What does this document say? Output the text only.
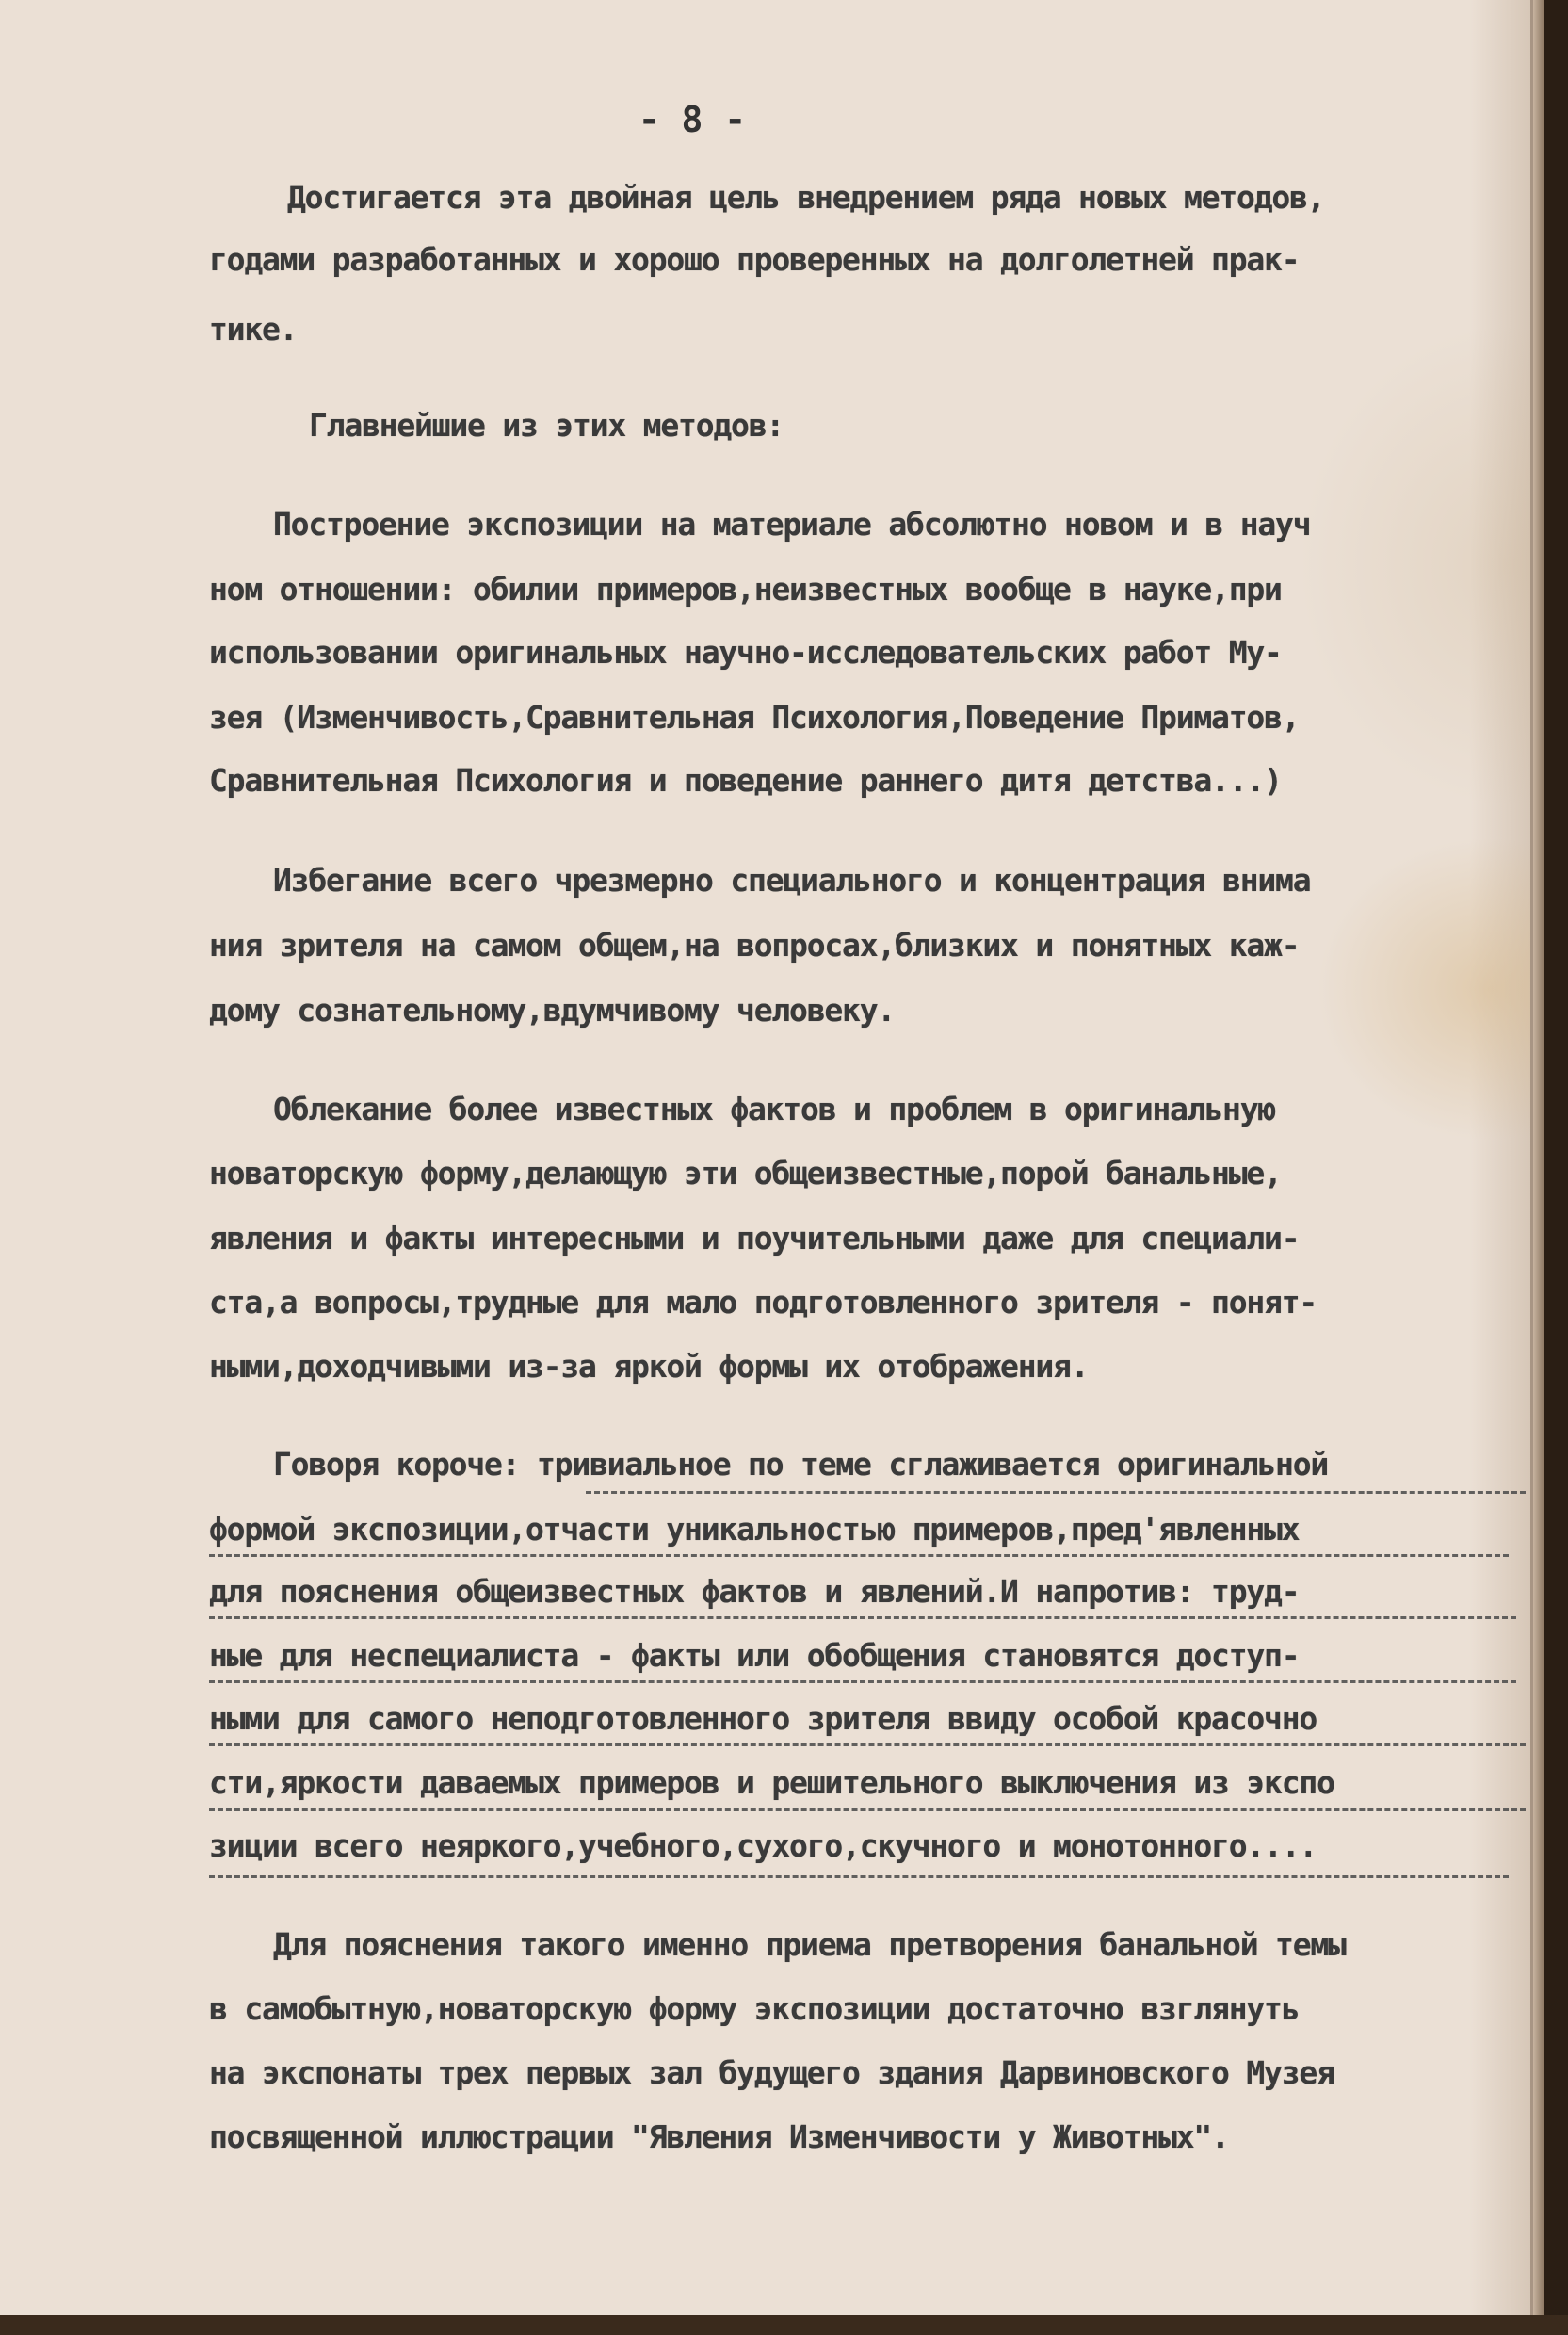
- 8 -
Достигается эта двойная цель внедрением ряда новых методов,
годами разработанных и хорошо проверенных на долголетней прак-
тике.
Главнейшие из этих методов:
Построение экспозиции на материале абсолютно новом и в науч
ном отношении: обилии примеров,неизвестных вообще в науке,при
использовании оригинальных научно-исследовательских работ Му-
зея (Изменчивость,Сравнительная Психология,Поведение Приматов,
Сравнительная Психология и поведение раннего дитя детства...)
Избегание всего чрезмерно специального и концентрация внима
ния зрителя на самом общем,на вопросах,близких и понятных каж-
дому сознательному,вдумчивому человеку.
Облекание более известных фактов и проблем в оригинальную
новаторскую форму,делающую эти общеизвестные,порой банальные,
явления и факты интересными и поучительными даже для специали-
ста,а вопросы,трудные для мало подготовленного зрителя - понят-
ными,доходчивыми из-за яркой формы их отображения.
Говоря короче: тривиальное по теме сглаживается оригинальной
формой экспозиции,отчасти уникальностью примеров,пред'явленных
для пояснения общеизвестных фактов и явлений.И напротив: труд-
ные для неспециалиста - факты или обобщения становятся доступ-
ными для самого неподготовленного зрителя ввиду особой красочно
сти,яркости даваемых примеров и решительного выключения из экспо
зиции всего неяркого,учебного,сухого,скучного и монотонного....
Для пояснения такого именно приема претворения банальной темы
в самобытную,новаторскую форму экспозиции достаточно взглянуть
на экспонаты трех первых зал будущего здания Дарвиновского Музея
посвященной иллюстрации "Явления Изменчивости у Животных".
